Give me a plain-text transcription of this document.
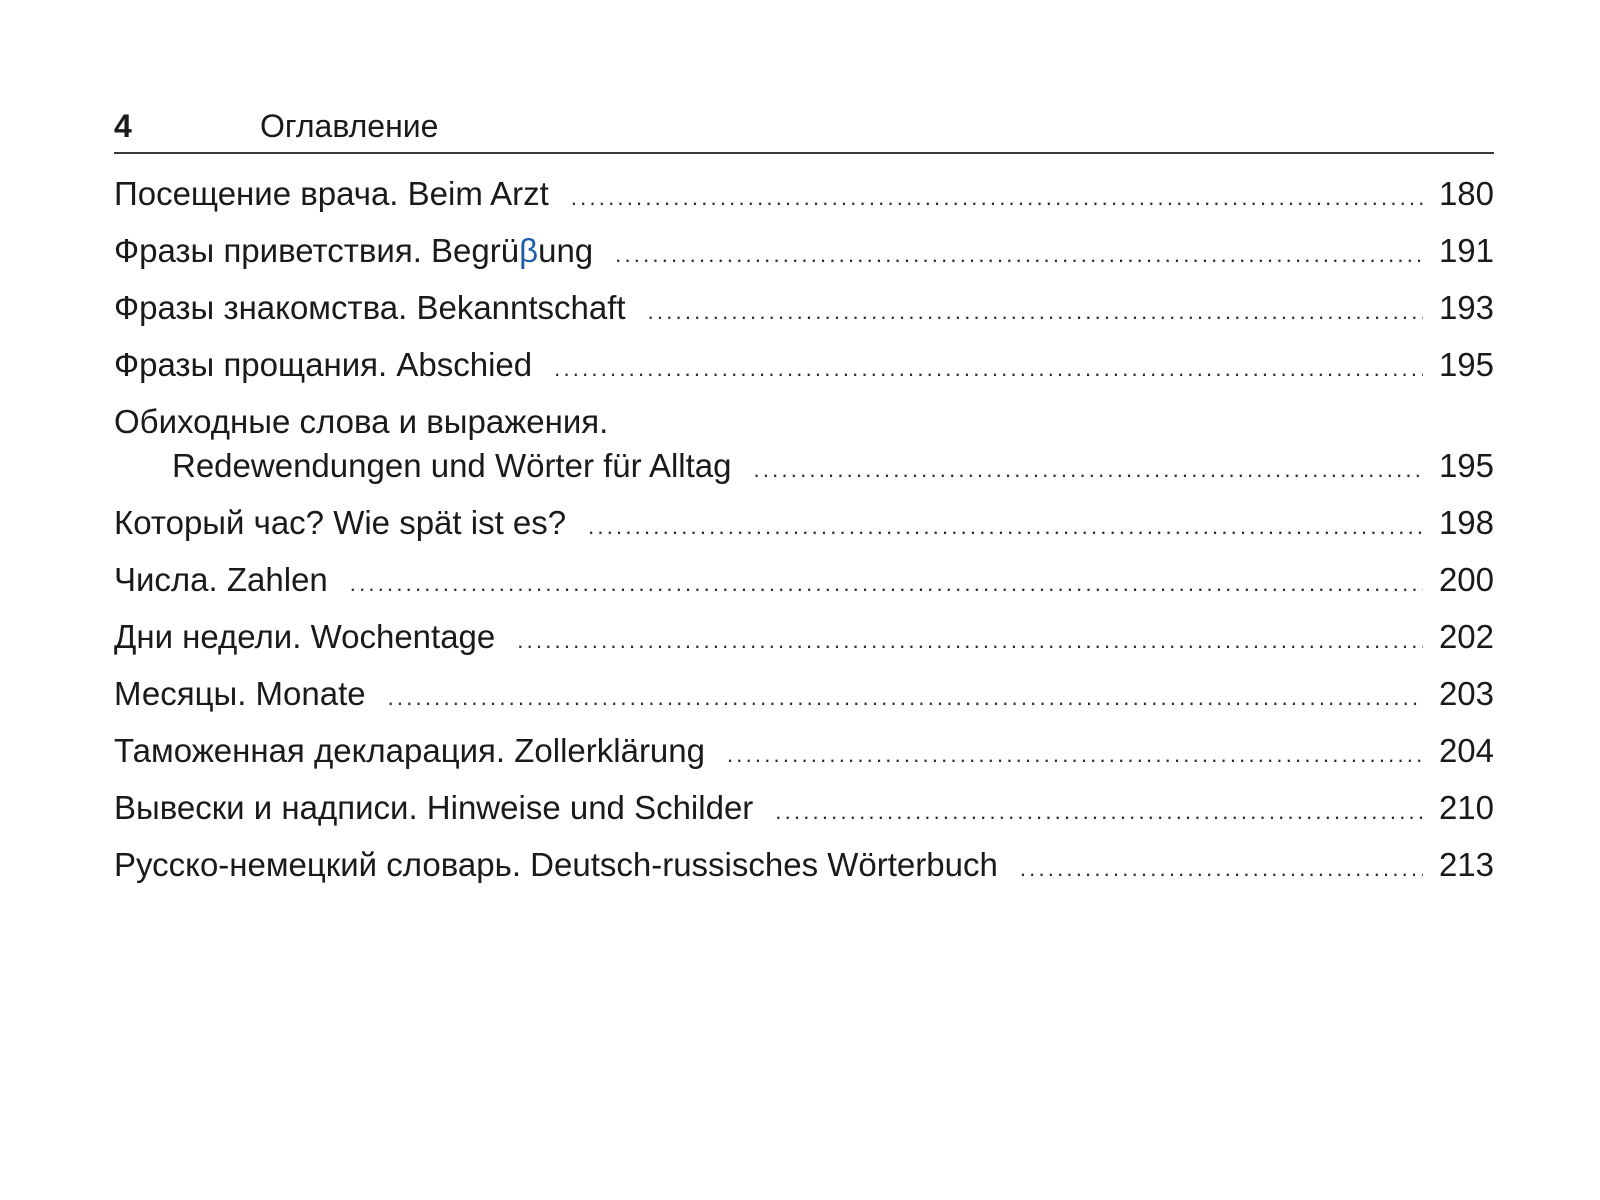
4	Оглавление
Посещение врача. Beim Arzt .....	180
Фразы приветствия. Begrüβung .....	191
Фразы знакомства. Bekanntschaft .....	193
Фразы прощания. Abschied .....	195
Обиходные слова и выражения.
Redewendungen und Wörter für Alltag .....	195
Который час? Wie spät ist es? .....	198
Числа. Zahlen .....	200
Дни недели. Wochentage .....	202
Месяцы. Monate .....	203
Таможенная декларация. Zollerklärung .....	204
Вывески и надписи. Hinweise und Schilder .....	210
Русско-немецкий словарь. Deutsch-russisches Wörterbuch .....	213
